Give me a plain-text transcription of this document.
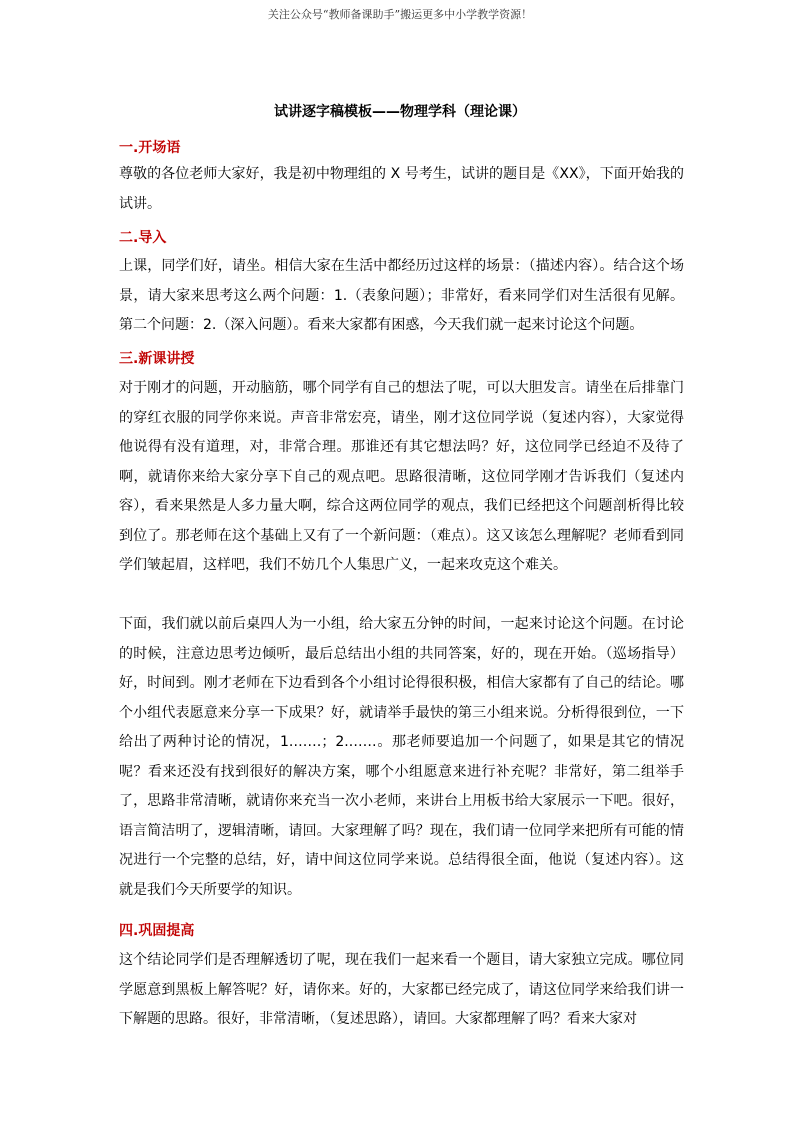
关注公众号“教师备课助手”搬运更多中小学教学资源！
试讲逐字稿模板——物理学科（理论课）
一.开场语

尊敬的各位老师大家好，我是初中物理组的 X 号考生，试讲的题目是《XX》，下面开始我的试讲。

二.导入

上课，同学们好，请坐。相信大家在生活中都经历过这样的场景：（描述内容）。结合这个场景，请大家来思考这么两个问题：1.（表象问题）；非常好，看来同学们对生活很有见解。第二个问题：2.（深入问题）。看来大家都有困惑，今天我们就一起来讨论这个问题。

三.新课讲授

对于刚才的问题，开动脑筋，哪个同学有自己的想法了呢，可以大胆发言。请坐在后排靠门的穿红衣服的同学你来说。声音非常宏亮，请坐，刚才这位同学说（复述内容），大家觉得他说得有没有道理，对，非常合理。那谁还有其它想法吗？好，这位同学已经迫不及待了啊，就请你来给大家分享下自己的观点吧。思路很清晰，这位同学刚才告诉我们（复述内容），看来果然是人多力量大啊，综合这两位同学的观点，我们已经把这个问题剖析得比较到位了。那老师在这个基础上又有了一个新问题：（难点）。这又该怎么理解呢？老师看到同学们皱起眉，这样吧，我们不妨几个人集思广义，一起来攻克这个难关。

下面，我们就以前后桌四人为一小组，给大家五分钟的时间，一起来讨论这个问题。在讨论的时候，注意边思考边倾听，最后总结出小组的共同答案，好的，现在开始。（巡场指导）好，时间到。刚才老师在下边看到各个小组讨论得很积极，相信大家都有了自己的结论。哪个小组代表愿意来分享一下成果？好，就请举手最快的第三小组来说。分析得很到位，一下给出了两种讨论的情况，1.……；2.……。那老师要追加一个问题了，如果是其它的情况呢？看来还没有找到很好的解决方案，哪个小组愿意来进行补充呢？非常好，第二组举手了，思路非常清晰，就请你来充当一次小老师，来讲台上用板书给大家展示一下吧。很好，语言简洁明了，逻辑清晰，请回。大家理解了吗？现在，我们请一位同学来把所有可能的情况进行一个完整的总结，好，请中间这位同学来说。总结得很全面，他说（复述内容）。这就是我们今天所要学的知识。

四.巩固提高

这个结论同学们是否理解透切了呢，现在我们一起来看一个题目，请大家独立完成。哪位同学愿意到黑板上解答呢？好，请你来。好的，大家都已经完成了，请这位同学来给我们讲一下解题的思路。很好，非常清晰，（复述思路），请回。大家都理解了吗？看来大家对
